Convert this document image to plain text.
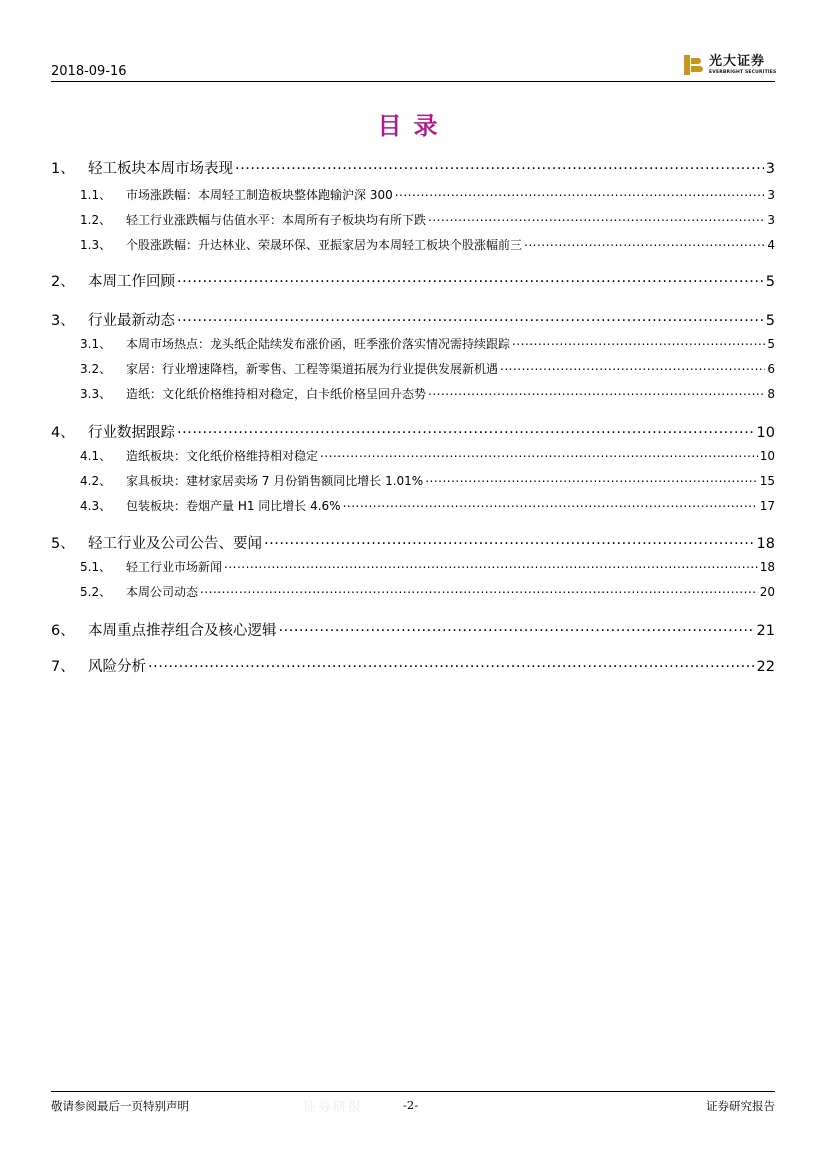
2018-09-16
光大证券
EVERBRIGHT SECURITIES
目录
1、 轻工板块本周市场表现 .....	3
1.1、	市场涨跌幅：本周轻工制造板块整体跑输沪深 300 .....	3
1.2、	轻工行业涨跌幅与估值水平：本周所有子板块均有所下跌 .....	3
1.3、	个股涨跌幅：升达林业、荣晟环保、亚振家居为本周轻工板块个股涨幅前三 .....	4
2、 本周工作回顾 .....	5
3、 行业最新动态 .....	5
3.1、	本周市场热点：龙头纸企陆续发布涨价函，旺季涨价落实情况需持续跟踪 .....	5
3.2、	家居：行业增速降档，新零售、工程等渠道拓展为行业提供发展新机遇 .....	6
3.3、	造纸：文化纸价格维持相对稳定，白卡纸价格呈回升态势 .....	8
4、 行业数据跟踪 .....	10
4.1、	造纸板块：文化纸价格维持相对稳定 .....	10
4.2、	家具板块：建材家居卖场 7 月份销售额同比增长 1.01% .....	15
4.3、	包装板块：卷烟产量 H1 同比增长 4.6% .....	17
5、 轻工行业及公司公告、要闻 .....	18
5.1、	轻工行业市场新闻 .....	18
5.2、	本周公司动态 .....	20
6、 本周重点推荐组合及核心逻辑 .....	21
7、 风险分析 .....	22
证券研报
敬请参阅最后一页特别声明	-2-	证券研究报告
